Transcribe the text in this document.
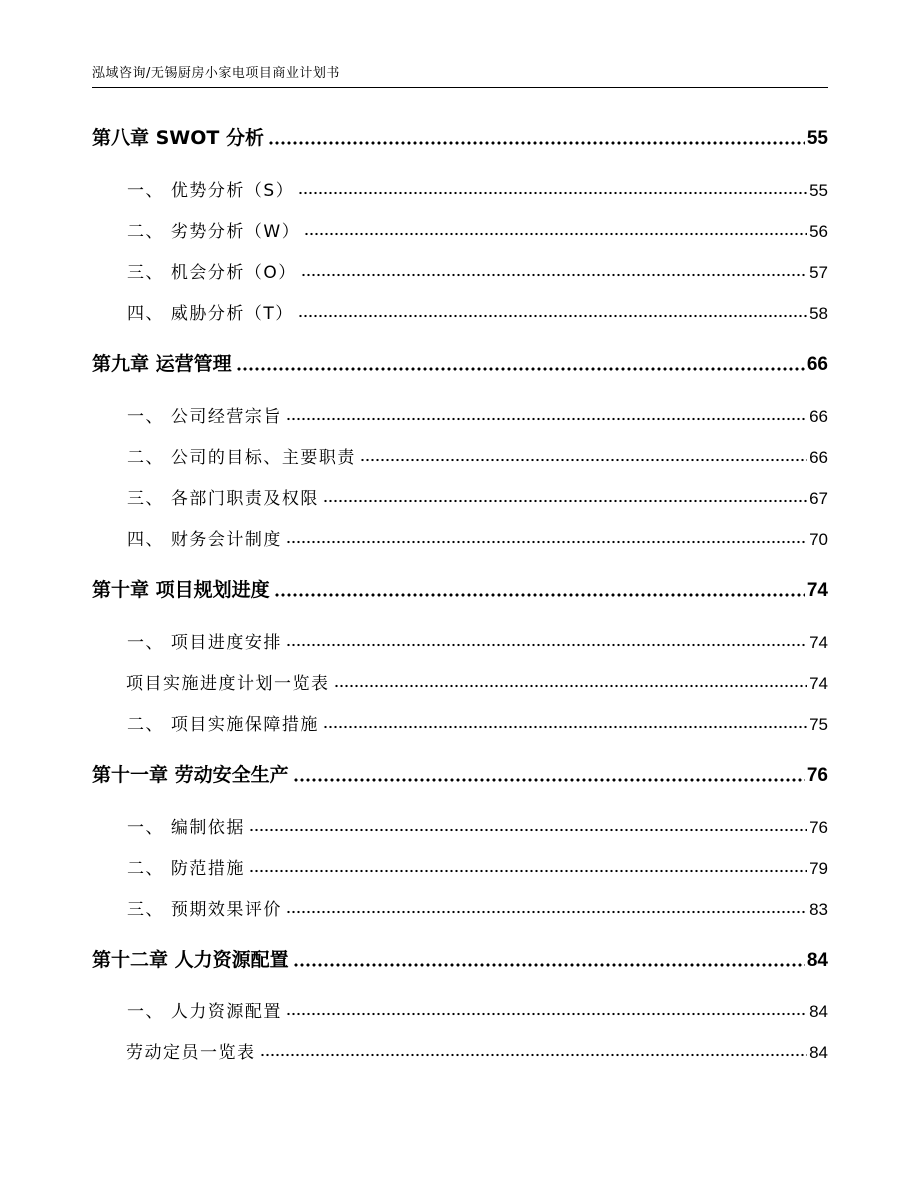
泓域咨询/无锡厨房小家电项目商业计划书
第八章 SWOT 分析	55
一、 优势分析（S）	55
二、 劣势分析（W）	56
三、 机会分析（O）	57
四、 威胁分析（T）	58
第九章 运营管理	66
一、 公司经营宗旨	66
二、 公司的目标、主要职责	66
三、 各部门职责及权限	67
四、 财务会计制度	70
第十章 项目规划进度	74
一、 项目进度安排	74
项目实施进度计划一览表	74
二、 项目实施保障措施	75
第十一章 劳动安全生产	76
一、 编制依据	76
二、 防范措施	79
三、 预期效果评价	83
第十二章 人力资源配置	84
一、 人力资源配置	84
劳动定员一览表	84
